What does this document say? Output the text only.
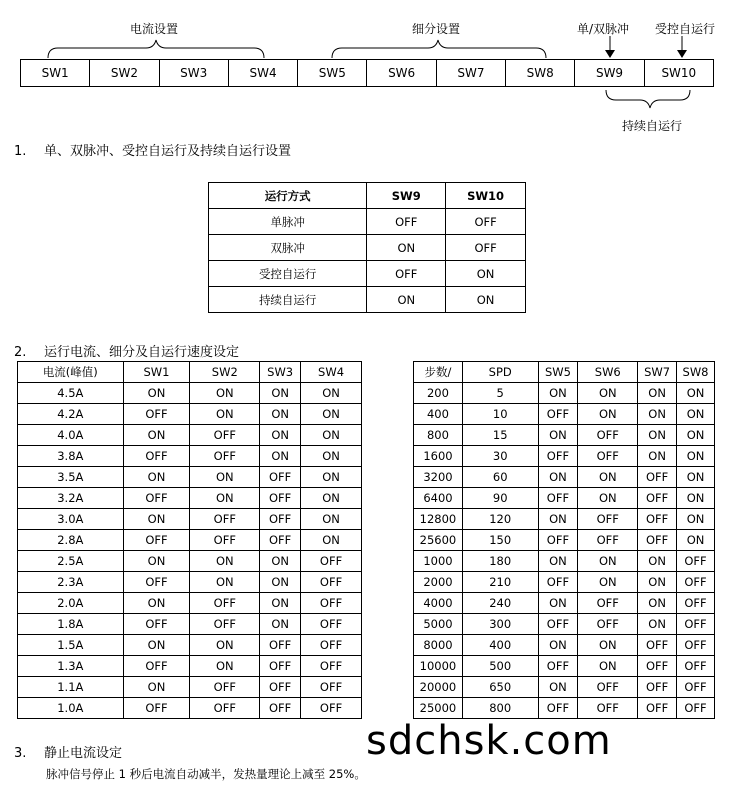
电流设置	细分设置	单/双脉冲 受控自运行
SW1	SW2	SW3	SW4	SW5	SW6	SW7	SW8	SW9	SW10
持续自运行
1. 单、双脉冲、受控自运行及持续自运行设置
运行方式	SW9	SW10
单脉冲	OFF	OFF
双脉冲	ON	OFF
受控自运行	OFF	ON
持续自运行	ON	ON
2. 运行电流、细分及自运行速度设定
电流(峰值)	SW1	SW2	SW3	SW4
4.5A	ON	ON	ON	ON
4.2A	OFF	ON	ON	ON
4.0A	ON	OFF	ON	ON
3.8A	OFF	OFF	ON	ON
3.5A	ON	ON	OFF	ON
3.2A	OFF	ON	OFF	ON
3.0A	ON	OFF	OFF	ON
2.8A	OFF	OFF	OFF	ON
2.5A	ON	ON	ON	OFF
2.3A	OFF	ON	ON	OFF
2.0A	ON	OFF	ON	OFF
1.8A	OFF	OFF	ON	OFF
1.5A	ON	ON	OFF	OFF
1.3A	OFF	ON	OFF	OFF
1.1A	ON	OFF	OFF	OFF
1.0A	OFF	OFF	OFF	OFF
步数/	SPD	SW5	SW6	SW7	SW8
200	5	ON	ON	ON	ON
400	10	OFF	ON	ON	ON
800	15	ON	OFF	ON	ON
1600	30	OFF	OFF	ON	ON
3200	60	ON	ON	OFF	ON
6400	90	OFF	ON	OFF	ON
12800	120	ON	OFF	OFF	ON
25600	150	OFF	OFF	OFF	ON
1000	180	ON	ON	ON	OFF
2000	210	OFF	ON	ON	OFF
4000	240	ON	OFF	ON	OFF
5000	300	OFF	OFF	ON	OFF
8000	400	ON	ON	OFF	OFF
10000	500	OFF	ON	OFF	OFF
20000	650	ON	OFF	OFF	OFF
25000	800	OFF	OFF	OFF	OFF
3. 静止电流设定
脉冲信号停止 1 秒后电流自动减半，发热量理论上减至 25%。
sdchsk.com
